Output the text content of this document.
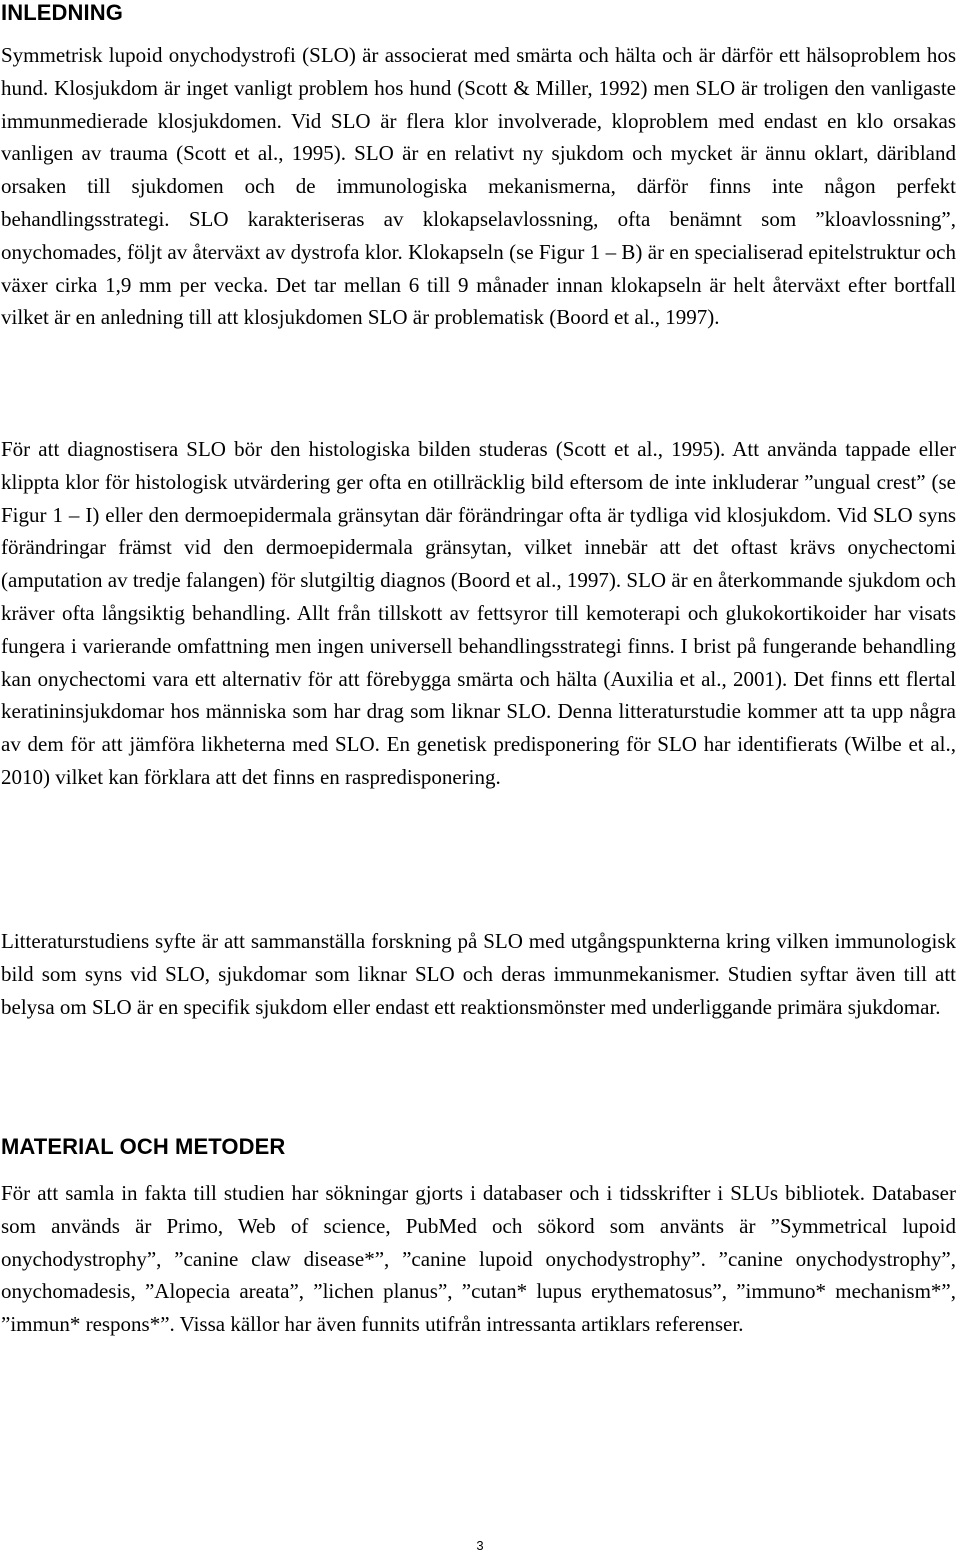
INLEDNING

Symmetrisk lupoid onychodystrofi (SLO) är associerat med smärta och hälta och är därför ett hälsoproblem hos hund. Klosjukdom är inget vanligt problem hos hund (Scott & Miller, 1992) men SLO är troligen den vanligaste immunmedierade klosjukdomen. Vid SLO är flera klor involverade, kloproblem med endast en klo orsakas vanligen av trauma (Scott et al., 1995). SLO är en relativt ny sjukdom och mycket är ännu oklart, däribland orsaken till sjukdomen och de immunologiska mekanismerna, därför finns inte någon perfekt behandlingsstrategi. SLO karakteriseras av klokapselavlossning, ofta benämnt som ”kloavlossning”, onychomades, följt av återväxt av dystrofa klor. Klokapseln (se Figur 1 – B) är en specialiserad epitelstruktur och växer cirka 1,9 mm per vecka. Det tar mellan 6 till 9 månader innan klokapseln är helt återväxt efter bortfall vilket är en anledning till att klosjukdomen SLO är problematisk (Boord et al., 1997).

För att diagnostisera SLO bör den histologiska bilden studeras (Scott et al., 1995). Att använda tappade eller klippta klor för histologisk utvärdering ger ofta en otillräcklig bild eftersom de inte inkluderar ”ungual crest” (se Figur 1 – I) eller den dermoepidermala gränsytan där förändringar ofta är tydliga vid klosjukdom. Vid SLO syns förändringar främst vid den dermoepidermala gränsytan, vilket innebär att det oftast krävs onychectomi (amputation av tredje falangen) för slutgiltig diagnos (Boord et al., 1997). SLO är en återkommande sjukdom och kräver ofta långsiktig behandling. Allt från tillskott av fettsyror till kemoterapi och glukokortikoider har visats fungera i varierande omfattning men ingen universell behandlingsstrategi finns. I brist på fungerande behandling kan onychectomi vara ett alternativ för att förebygga smärta och hälta (Auxilia et al., 2001). Det finns ett flertal keratininsjukdomar hos människa som har drag som liknar SLO. Denna litteraturstudie kommer att ta upp några av dem för att jämföra likheterna med SLO. En genetisk predisponering för SLO har identifierats (Wilbe et al., 2010) vilket kan förklara att det finns en raspredisponering.

Litteraturstudiens syfte är att sammanställa forskning på SLO med utgångspunkterna kring vilken immunologisk bild som syns vid SLO, sjukdomar som liknar SLO och deras immunmekanismer. Studien syftar även till att belysa om SLO är en specifik sjukdom eller endast ett reaktionsmönster med underliggande primära sjukdomar.

MATERIAL OCH METODER

För att samla in fakta till studien har sökningar gjorts i databaser och i tidsskrifter i SLUs bibliotek. Databaser som används är Primo, Web of science, PubMed och sökord som använts är ”Symmetrical lupoid onychodystrophy”, ”canine claw disease*”, ”canine lupoid onychodystrophy”. ”canine onychodystrophy”, onychomadesis, ”Alopecia areata”, ”lichen planus”, ”cutan* lupus erythematosus”, ”immuno* mechanism*”, ”immun* respons*”. Vissa källor har även funnits utifrån intressanta artiklars referenser.

3
